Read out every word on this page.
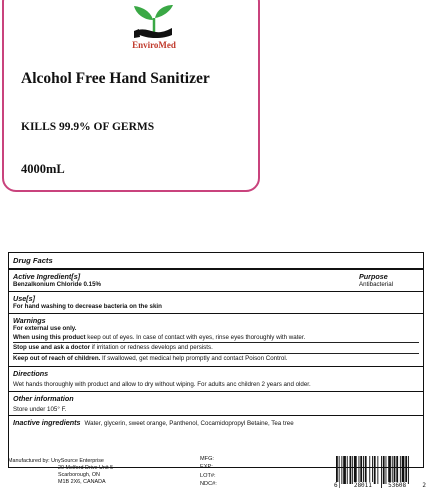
EnviroMed
Alcohol Free Hand Sanitizer
KILLS 99.9% OF GERMS
4000mL
Drug Facts
Active Ingredient[s]	Purpose
Benzalkonium Chloride 0.15%	Antibacterial
Use[s]
For hand washing to decrease bacteria on the skin
Warnings
For external use only.
When using this product keep out of eyes. In case of contact with eyes, rinse eyes thoroughly with water.
Stop use and ask a doctor if irritation or redness develops and persists.
Keep out of reach of children. If swallowed, get medical help promptly and contact Poison Control.
Directions
Wet hands thoroughly with product and allow to dry without wiping. For adults anc children 2 years and older.
Other information
Store under 105° F.
Inactive ingredients Water, glycerin, sweet orange, Panthenol, Cocamidopropyl Betaine, Tea tree
Manufactured by: UnySource Enterprise
20 Melford Drive Unit 5
Scarborough, ON
M1B 2X6, CANADA
MFG:
EXP:
LOT#:
NDC#:	6	28011	53608	2
